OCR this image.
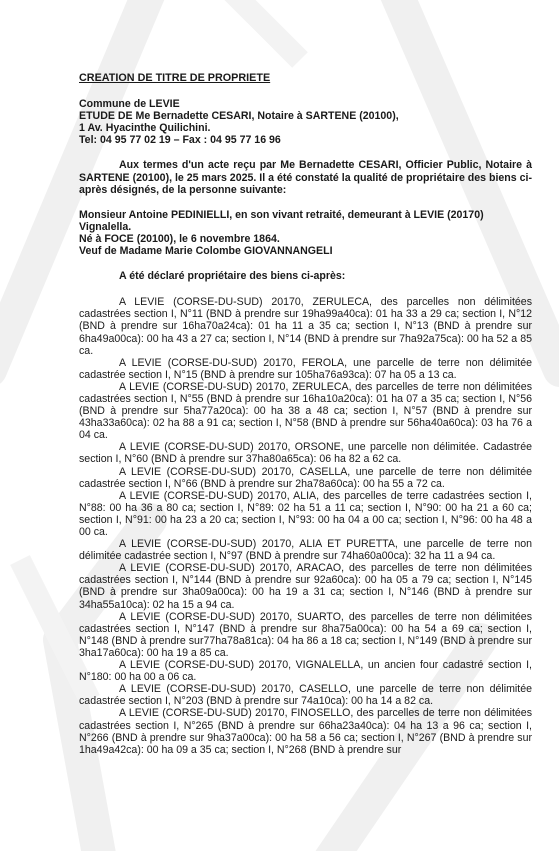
CREATION DE TITRE DE PROPRIETE
Commune de LEVIE
ETUDE DE Me Bernadette CESARI, Notaire à SARTENE (20100),
1 Av. Hyacinthe Quilichini.
Tel: 04 95 77 02 19 – Fax : 04 95 77 16 96
Aux termes d'un acte reçu par Me Bernadette CESARI, Officier Public, Notaire à SARTENE (20100), le 25 mars 2025. Il a été constaté la qualité de propriétaire des biens ci-après désignés, de la personne suivante:
Monsieur Antoine PEDINIELLI, en son vivant retraité, demeurant à LEVIE (20170) Vignalella.
Né à FOCE (20100), le 6 novembre 1864.
Veuf de Madame Marie Colombe GIOVANNANGELI
A été déclaré propriétaire des biens ci-après:

A LEVIE (CORSE-DU-SUD) 20170, ZERULECA, des parcelles non délimitées cadastrées section I, N°11 (BND à prendre sur 19ha99a40ca): 01 ha 33 a 29 ca; section I, N°12 (BND à prendre sur 16ha70a24ca): 01 ha 11 a 35 ca; section I, N°13 (BND à prendre sur 6ha49a00ca): 00 ha 43 a 27 ca; section I, N°14 (BND à prendre sur 7ha92a75ca): 00 ha 52 a 85 ca.

A LEVIE (CORSE-DU-SUD) 20170, FEROLA, une parcelle de terre non délimitée cadastrée section I, N°15 (BND à prendre sur 105ha76a93ca): 07 ha 05 a 13 ca.

A LEVIE (CORSE-DU-SUD) 20170, ZERULECA, des parcelles de terre non délimitées cadastrées section I, N°55 (BND à prendre sur 16ha10a20ca): 01 ha 07 a 35 ca; section I, N°56 (BND à prendre sur 5ha77a20ca): 00 ha 38 a 48 ca; section I, N°57 (BND à prendre sur 43ha33a60ca): 02 ha 88 a 91 ca; section I, N°58 (BND à prendre sur 56ha40a60ca): 03 ha 76 a 04 ca.

A LEVIE (CORSE-DU-SUD) 20170, ORSONE, une parcelle non délimitée. Cadastrée section I, N°60 (BND à prendre sur 37ha80a65ca): 06 ha 82 a 62 ca.

A LEVIE (CORSE-DU-SUD) 20170, CASELLA, une parcelle de terre non délimitée cadastrée section I, N°66 (BND à prendre sur 2ha78a60ca): 00 ha 55 a 72 ca.

A LEVIE (CORSE-DU-SUD) 20170, ALIA, des parcelles de terre cadastrées section I, N°88: 00 ha 36 a 80 ca; section I, N°89: 02 ha 51 a 11 ca; section I, N°90: 00 ha 21 a 60 ca; section I, N°91: 00 ha 23 a 20 ca; section I, N°93: 00 ha 04 a 00 ca; section I, N°96: 00 ha 48 a 00 ca.

A LEVIE (CORSE-DU-SUD) 20170, ALIA ET PURETTA, une parcelle de terre non délimitée cadastrée section I, N°97 (BND à prendre sur 74ha60a00ca): 32 ha 11 a 94 ca.

A LEVIE (CORSE-DU-SUD) 20170, ARACAO, des parcelles de terre non délimitées cadastrées section I, N°144 (BND à prendre sur 92a60ca): 00 ha 05 a 79 ca; section I, N°145 (BND à prendre sur 3ha09a00ca): 00 ha 19 a 31 ca; section I, N°146 (BND à prendre sur 34ha55a10ca): 02 ha 15 a 94 ca.

A LEVIE (CORSE-DU-SUD) 20170, SUARTO, des parcelles de terre non délimitées cadastrées section I, N°147 (BND à prendre sur 8ha75a00ca): 00 ha 54 a 69 ca; section I, N°148 (BND à prendre sur77ha78a81ca): 04 ha 86 a 18 ca; section I, N°149 (BND à prendre sur 3ha17a60ca): 00 ha 19 a 85 ca.

A LEVIE (CORSE-DU-SUD) 20170, VIGNALELLA, un ancien four cadastré section I, N°180: 00 ha 00 a 06 ca.

A LEVIE (CORSE-DU-SUD) 20170, CASELLO, une parcelle de terre non délimitée cadastrée section I, N°203 (BND à prendre sur 74a10ca): 00 ha 14 a 82 ca.

A LEVIE (CORSE-DU-SUD) 20170, FINOSELLO, des parcelles de terre non délimitées cadastrées section I, N°265 (BND à prendre sur 66ha23a40ca): 04 ha 13 a 96 ca; section I, N°266 (BND à prendre sur 9ha37a00ca): 00 ha 58 a 56 ca; section I, N°267 (BND à prendre sur 1ha49a42ca): 00 ha 09 a 35 ca; section I, N°268 (BND à prendre sur
